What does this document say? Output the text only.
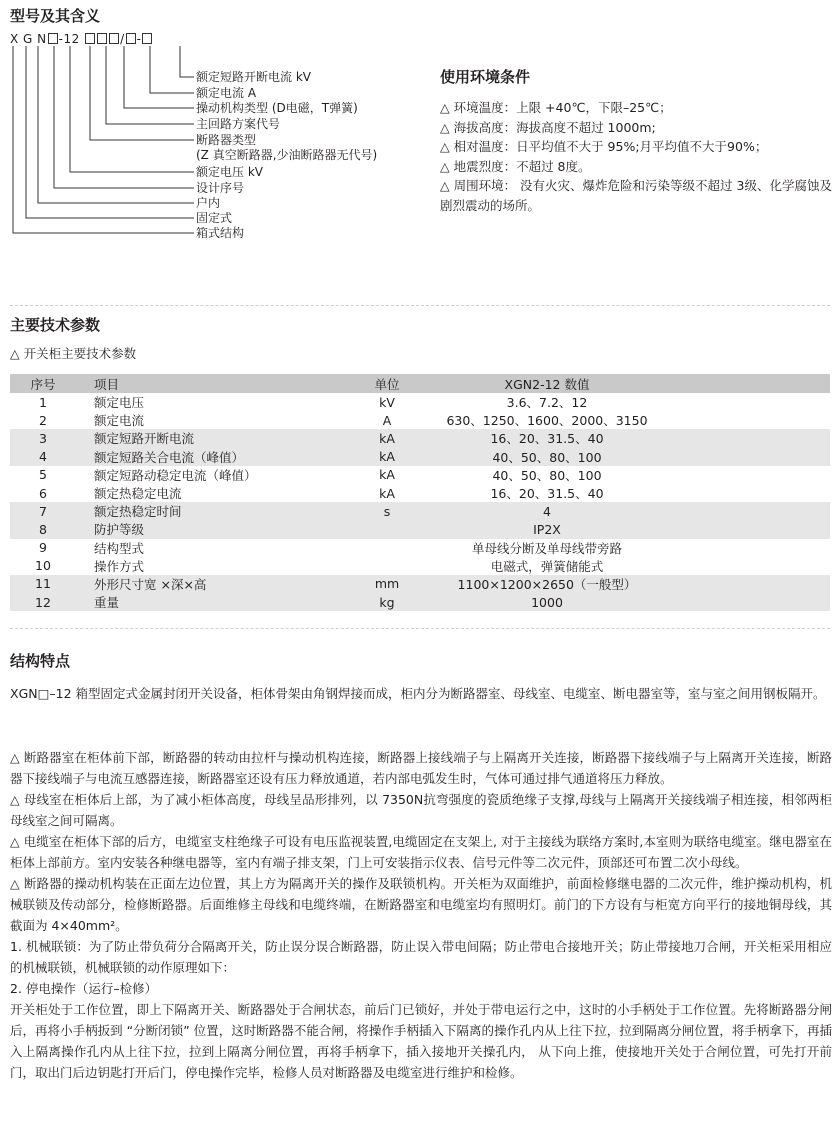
型号及其含义
X G N -12	/ -
额定短路开断电流 kV
额定电流 A
操动机构类型 (D电磁，T弹簧)
主回路方案代号
断路器类型
(Z 真空断路器,少油断路器无代号)
额定电压 kV
设计序号
户内
固定式
箱式结构
使用环境条件
△ 环境温度：上限 +40℃，下限–25℃；
△ 海拔高度：海拔高度不超过 1000m;
△ 相对温度：日平均值不大于 95%;月平均值不大于90%；
△ 地震烈度：不超过 8度。
△ 周围环境： 没有火灾、爆炸危险和污染等级不超过 3级、化学腐蚀及剧烈震动的场所。
主要技术参数
△ 开关柜主要技术参数
序号	项目	单位	XGN2-12 数值	
1	额定电压	kV	3.6、7.2、12	
2	额定电流	A	630、1250、1600、2000、3150	
3	额定短路开断电流	kA	16、20、31.5、40	
4	额定短路关合电流（峰值）	kA	40、50、80、100	
5	额定短路动稳定电流（峰值）	kA	40、50、80、100	
6	额定热稳定电流	kA	16、20、31.5、40	
7	额定热稳定时间	s	4	
8	防护等级		IP2X	
9	结构型式		单母线分断及单母线带旁路	
10	操作方式		电磁式，弹簧储能式	
11	外形尺寸宽 ×深×高	mm	1100×1200×2650（一般型）	
12	重量	kg	1000	
结构特点
XGN□–12 箱型固定式金属封闭开关设备，柜体骨架由角钢焊接而成，柜内分为断路器室、母线室、电缆室、断电器室等，室与室之间用钢板隔开。
△ 断路器室在柜体前下部，断路器的转动由拉杆与操动机构连接，断路器上接线端子与上隔离开关连接，断路器下接线端子与上隔离开关连接，断路器下接线端子与电流互感器连接，断路器室还设有压力释放通道，若内部电弧发生时，气体可通过排气通道将压力释放。
△ 母线室在柜体后上部，为了减小柜体高度，母线呈品形排列，以 7350N抗弯强度的瓷质绝缘子支撑,母线与上隔离开关接线端子相连接，相邻两柜母线室之间可隔离。
△ 电缆室在柜体下部的后方，电缆室支柱绝缘子可设有电压监视装置,电缆固定在支架上, 对于主接线为联络方案时,本室则为联络电缆室。继电器室在柜体上部前方。室内安装各种继电器等，室内有端子排支架，门上可安装指示仪表、信号元件等二次元件，顶部还可布置二次小母线。
△ 断路器的操动机构装在正面左边位置，其上方为隔离开关的操作及联锁机构。开关柜为双面维护，前面检修继电器的二次元件，维护操动机构，机械联锁及传动部分，检修断路器。后面维修主母线和电缆终端，在断路器室和电缆室均有照明灯。前门的下方设有与柜宽方向平行的接地铜母线，其截面为 4×40mm²。
1. 机械联锁：为了防止带负荷分合隔离开关，防止误分误合断路器，防止误入带电间隔；防止带电合接地开关；防止带接地刀合闸，开关柜采用相应的机械联锁，机械联锁的动作原理如下：
2. 停电操作（运行–检修）
开关柜处于工作位置，即上下隔离开关、断路器处于合闸状态，前后门已锁好，并处于带电运行之中，这时的小手柄处于工作位置。先将断路器分闸后，再将小手柄扳到 “分断闭锁” 位置，这时断路器不能合闸，将操作手柄插入下隔离的操作孔内从上往下拉，拉到隔离分闸位置，将手柄拿下，再插入上隔离操作孔内从上往下拉，拉到上隔离分闸位置，再将手柄拿下，插入接地开关操孔内， 从下向上推，使接地开关处于合闸位置，可先打开前门，取出门后边钥匙打开后门，停电操作完毕，检修人员对断路器及电缆室进行维护和检修。
